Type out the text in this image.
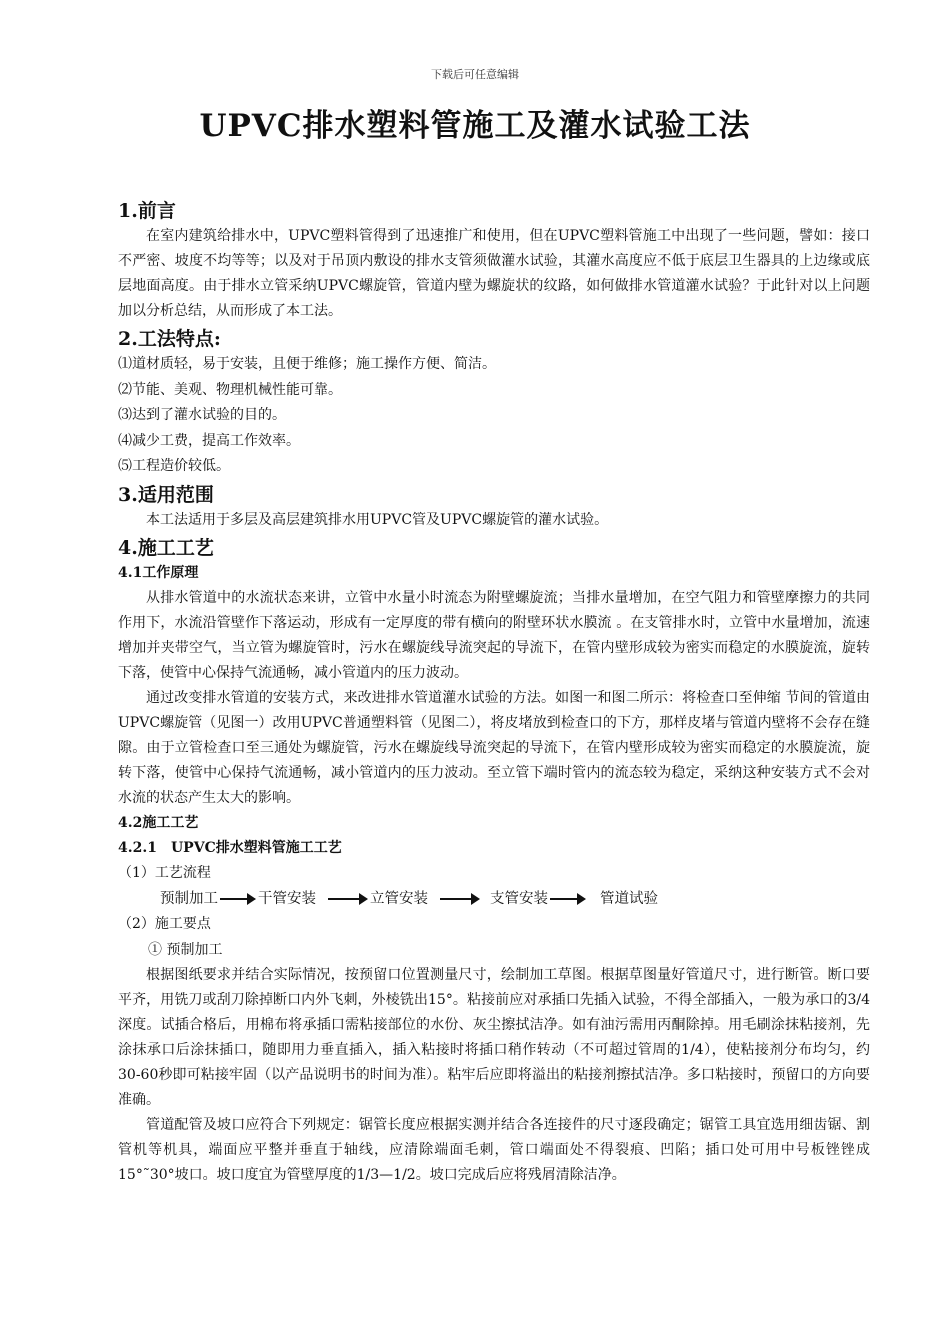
下载后可任意编辑
UPVC排水塑料管施工及灌水试验工法
1.前言

在室内建筑给排水中，UPVC塑料管得到了迅速推广和使用，但在UPVC塑料管施工中出现了一些问题，譬如：接口不严密、坡度不均等等；以及对于吊顶内敷设的排水支管须做灌水试验，其灌水高度应不低于底层卫生器具的上边缘或底层地面高度。由于排水立管采纳UPVC螺旋管，管道内壁为螺旋状的纹路，如何做排水管道灌水试验？于此针对以上问题加以分析总结，从而形成了本工法。

2.工法特点:
⑴道材质轻，易于安装，且便于维修；施工操作方便、简洁。
⑵节能、美观、物理机械性能可靠。
⑶达到了灌水试验的目的。
⑷减少工费，提高工作效率。
⑸工程造价较低。
3.适用范围

本工法适用于多层及高层建筑排水用UPVC管及UPVC螺旋管的灌水试验。

4.施工工艺
4.1工作原理

从排水管道中的水流状态来讲，立管中水量小时流态为附壁螺旋流；当排水量增加，在空气阻力和管壁摩擦力的共同作用下，水流沿管壁作下落运动，形成有一定厚度的带有横向的附壁环状水膜流 。在支管排水时，立管中水量增加，流速增加并夹带空气，当立管为螺旋管时，污水在螺旋线导流突起的导流下，在管内壁形成较为密实而稳定的水膜旋流，旋转下落，使管中心保持气流通畅，减小管道内的压力波动。

通过改变排水管道的安装方式，来改进排水管道灌水试验的方法。如图一和图二所示：将检查口至伸缩 节间的管道由UPVC螺旋管（见图一）改用UPVC普通塑料管（见图二），将皮堵放到检查口的下方，那样皮堵与管道内壁将不会存在缝隙。由于立管检查口至三通处为螺旋管，污水在螺旋线导流突起的导流下，在管内壁形成较为密实而稳定的水膜旋流，旋转下落，使管中心保持气流通畅，减小管道内的压力波动。至立管下端时管内的流态较为稳定，采纳这种安装方式不会对水流的状态产生太大的影响。

4.2施工工艺
4.2.1　UPVC排水塑料管施工工艺
（1）工艺流程
预制加工	干管安装	立管安装	支管安装	管道试验
（2）施工要点
① 预制加工

根据图纸要求并结合实际情况，按预留口位置测量尺寸，绘制加工草图。根据草图量好管道尺寸，进行断管。断口要平齐，用铣刀或刮刀除掉断口内外飞刺，外棱铣出15°。粘接前应对承插口先插入试验，不得全部插入，一般为承口的3/4深度。试插合格后，用棉布将承插口需粘接部位的水份、灰尘擦拭洁净。如有油污需用丙酮除掉。用毛刷涂抹粘接剂，先涂抹承口后涂抹插口，随即用力垂直插入，插入粘接时将插口稍作转动（不可超过管周的1/4），使粘接剂分布均匀，约30-60秒即可粘接牢固（以产品说明书的时间为准）。粘牢后应即将溢出的粘接剂擦拭洁净。多口粘接时，预留口的方向要准确。

管道配管及坡口应符合下列规定：锯管长度应根据实测并结合各连接件的尺寸逐段确定；锯管工具宜选用细齿锯、割管机等机具，端面应平整并垂直于轴线，应清除端面毛刺，管口端面处不得裂痕、凹陷；插口处可用中号板锉锉成15°˜30°坡口。坡口度宜为管壁厚度的1/3—1/2。坡口完成后应将残屑清除洁净。
